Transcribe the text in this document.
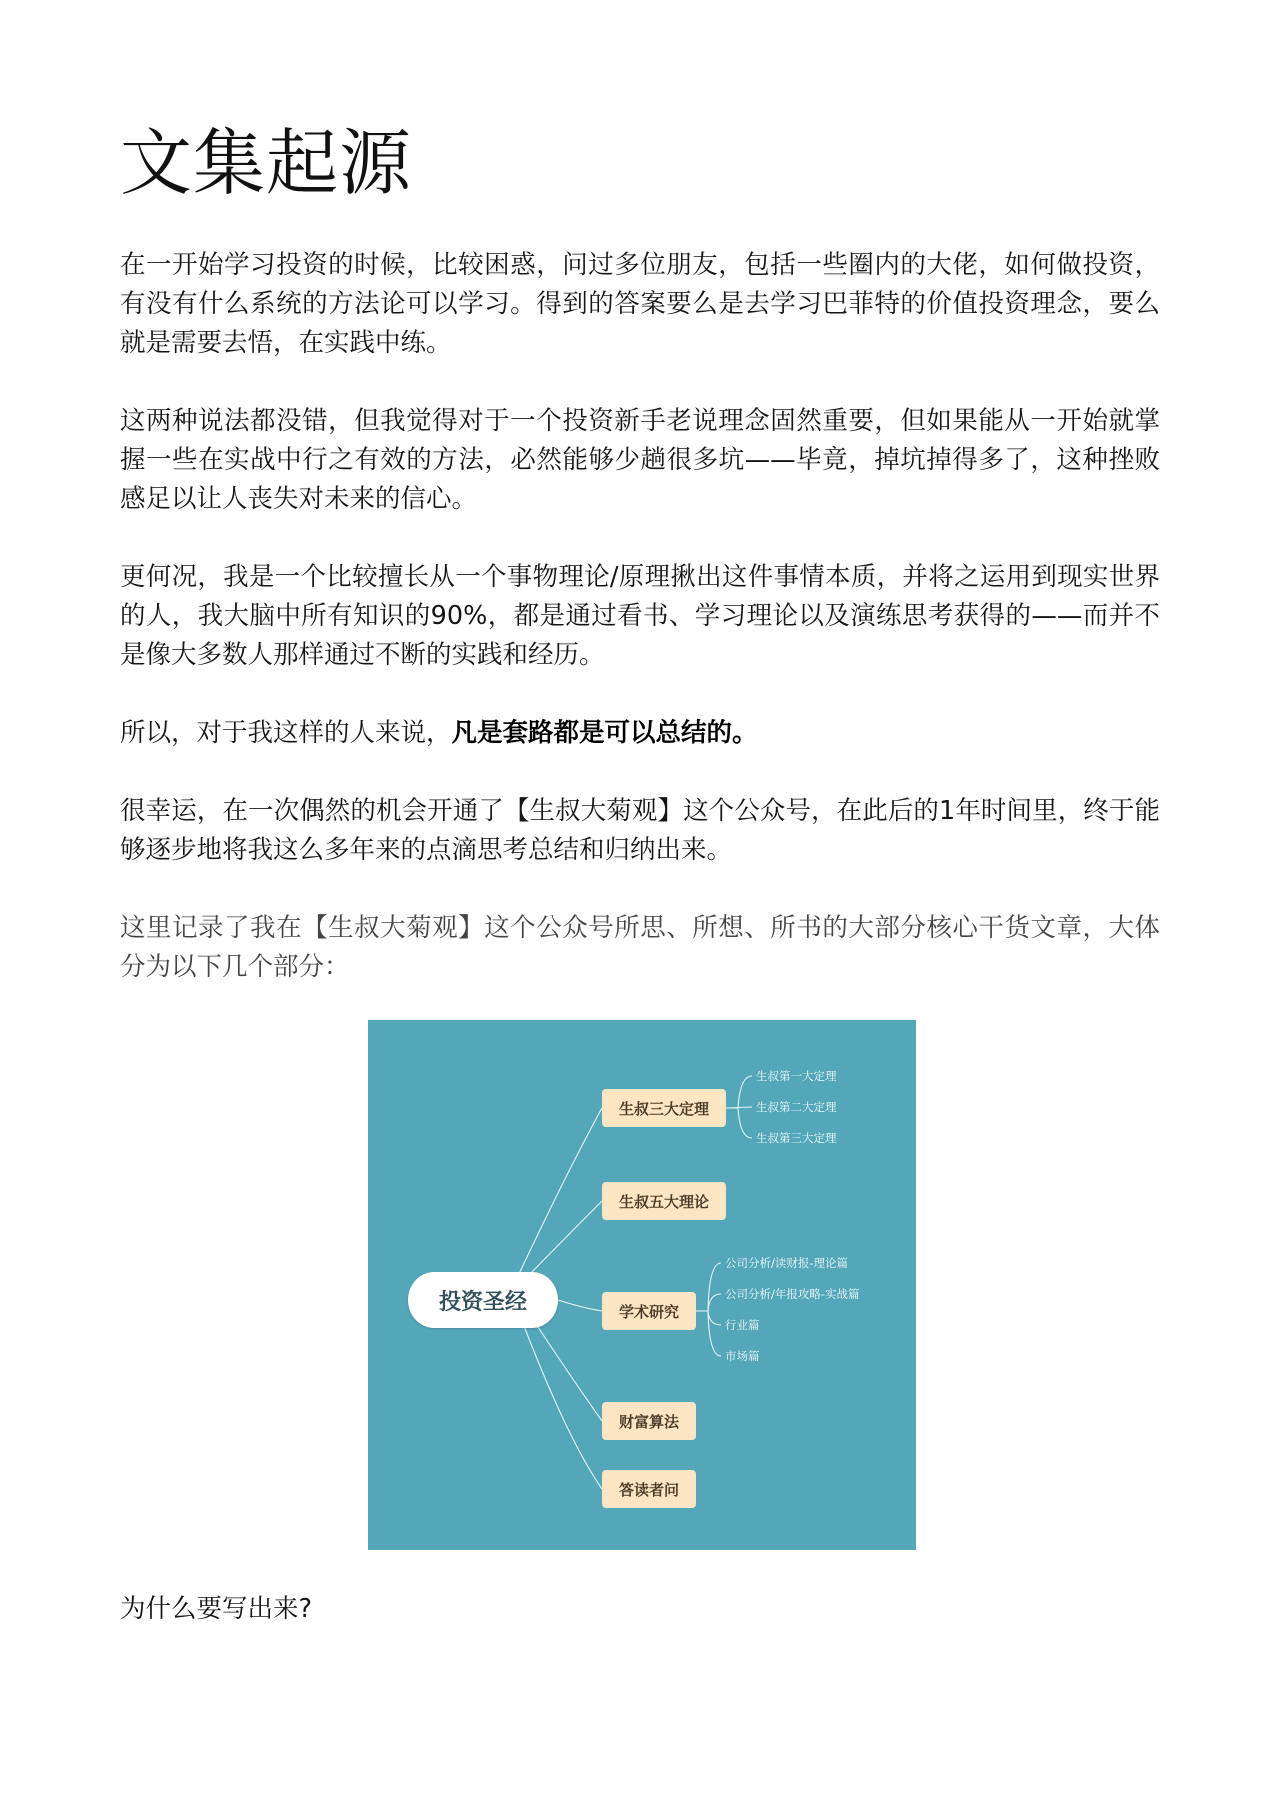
文集起源

在一开始学习投资的时候，比较困惑，问过多位朋友，包括一些圈内的大佬，如何做投资，有没有什么系统的方法论可以学习。得到的答案要么是去学习巴菲特的价值投资理念，要么就是需要去悟，在实践中练。

这两种说法都没错，但我觉得对于一个投资新手老说理念固然重要，但如果能从一开始就掌握一些在实战中行之有效的方法，必然能够少趟很多坑——毕竟，掉坑掉得多了，这种挫败感足以让人丧失对未来的信心。

更何况，我是一个比较擅长从一个事物理论/原理揪出这件事情本质，并将之运用到现实世界的人，我大脑中所有知识的90%，都是通过看书、学习理论以及演练思考获得的——而并不是像大多数人那样通过不断的实践和经历。

所以，对于我这样的人来说，凡是套路都是可以总结的。

很幸运，在一次偶然的机会开通了【生叔大菊观】这个公众号，在此后的1年时间里，终于能够逐步地将我这么多年来的点滴思考总结和归纳出来。

这里记录了我在【生叔大菊观】这个公众号所思、所想、所书的大部分核心干货文章，大体分为以下几个部分：

为什么要写出来?

投资圣经
生叔三大定理
生叔五大理论
学术研究
财富算法
答读者问
生叔第一大定理
生叔第二大定理
生叔第三大定理
公司分析/读财报-理论篇
公司分析/年报攻略-实战篇
行业篇
市场篇
